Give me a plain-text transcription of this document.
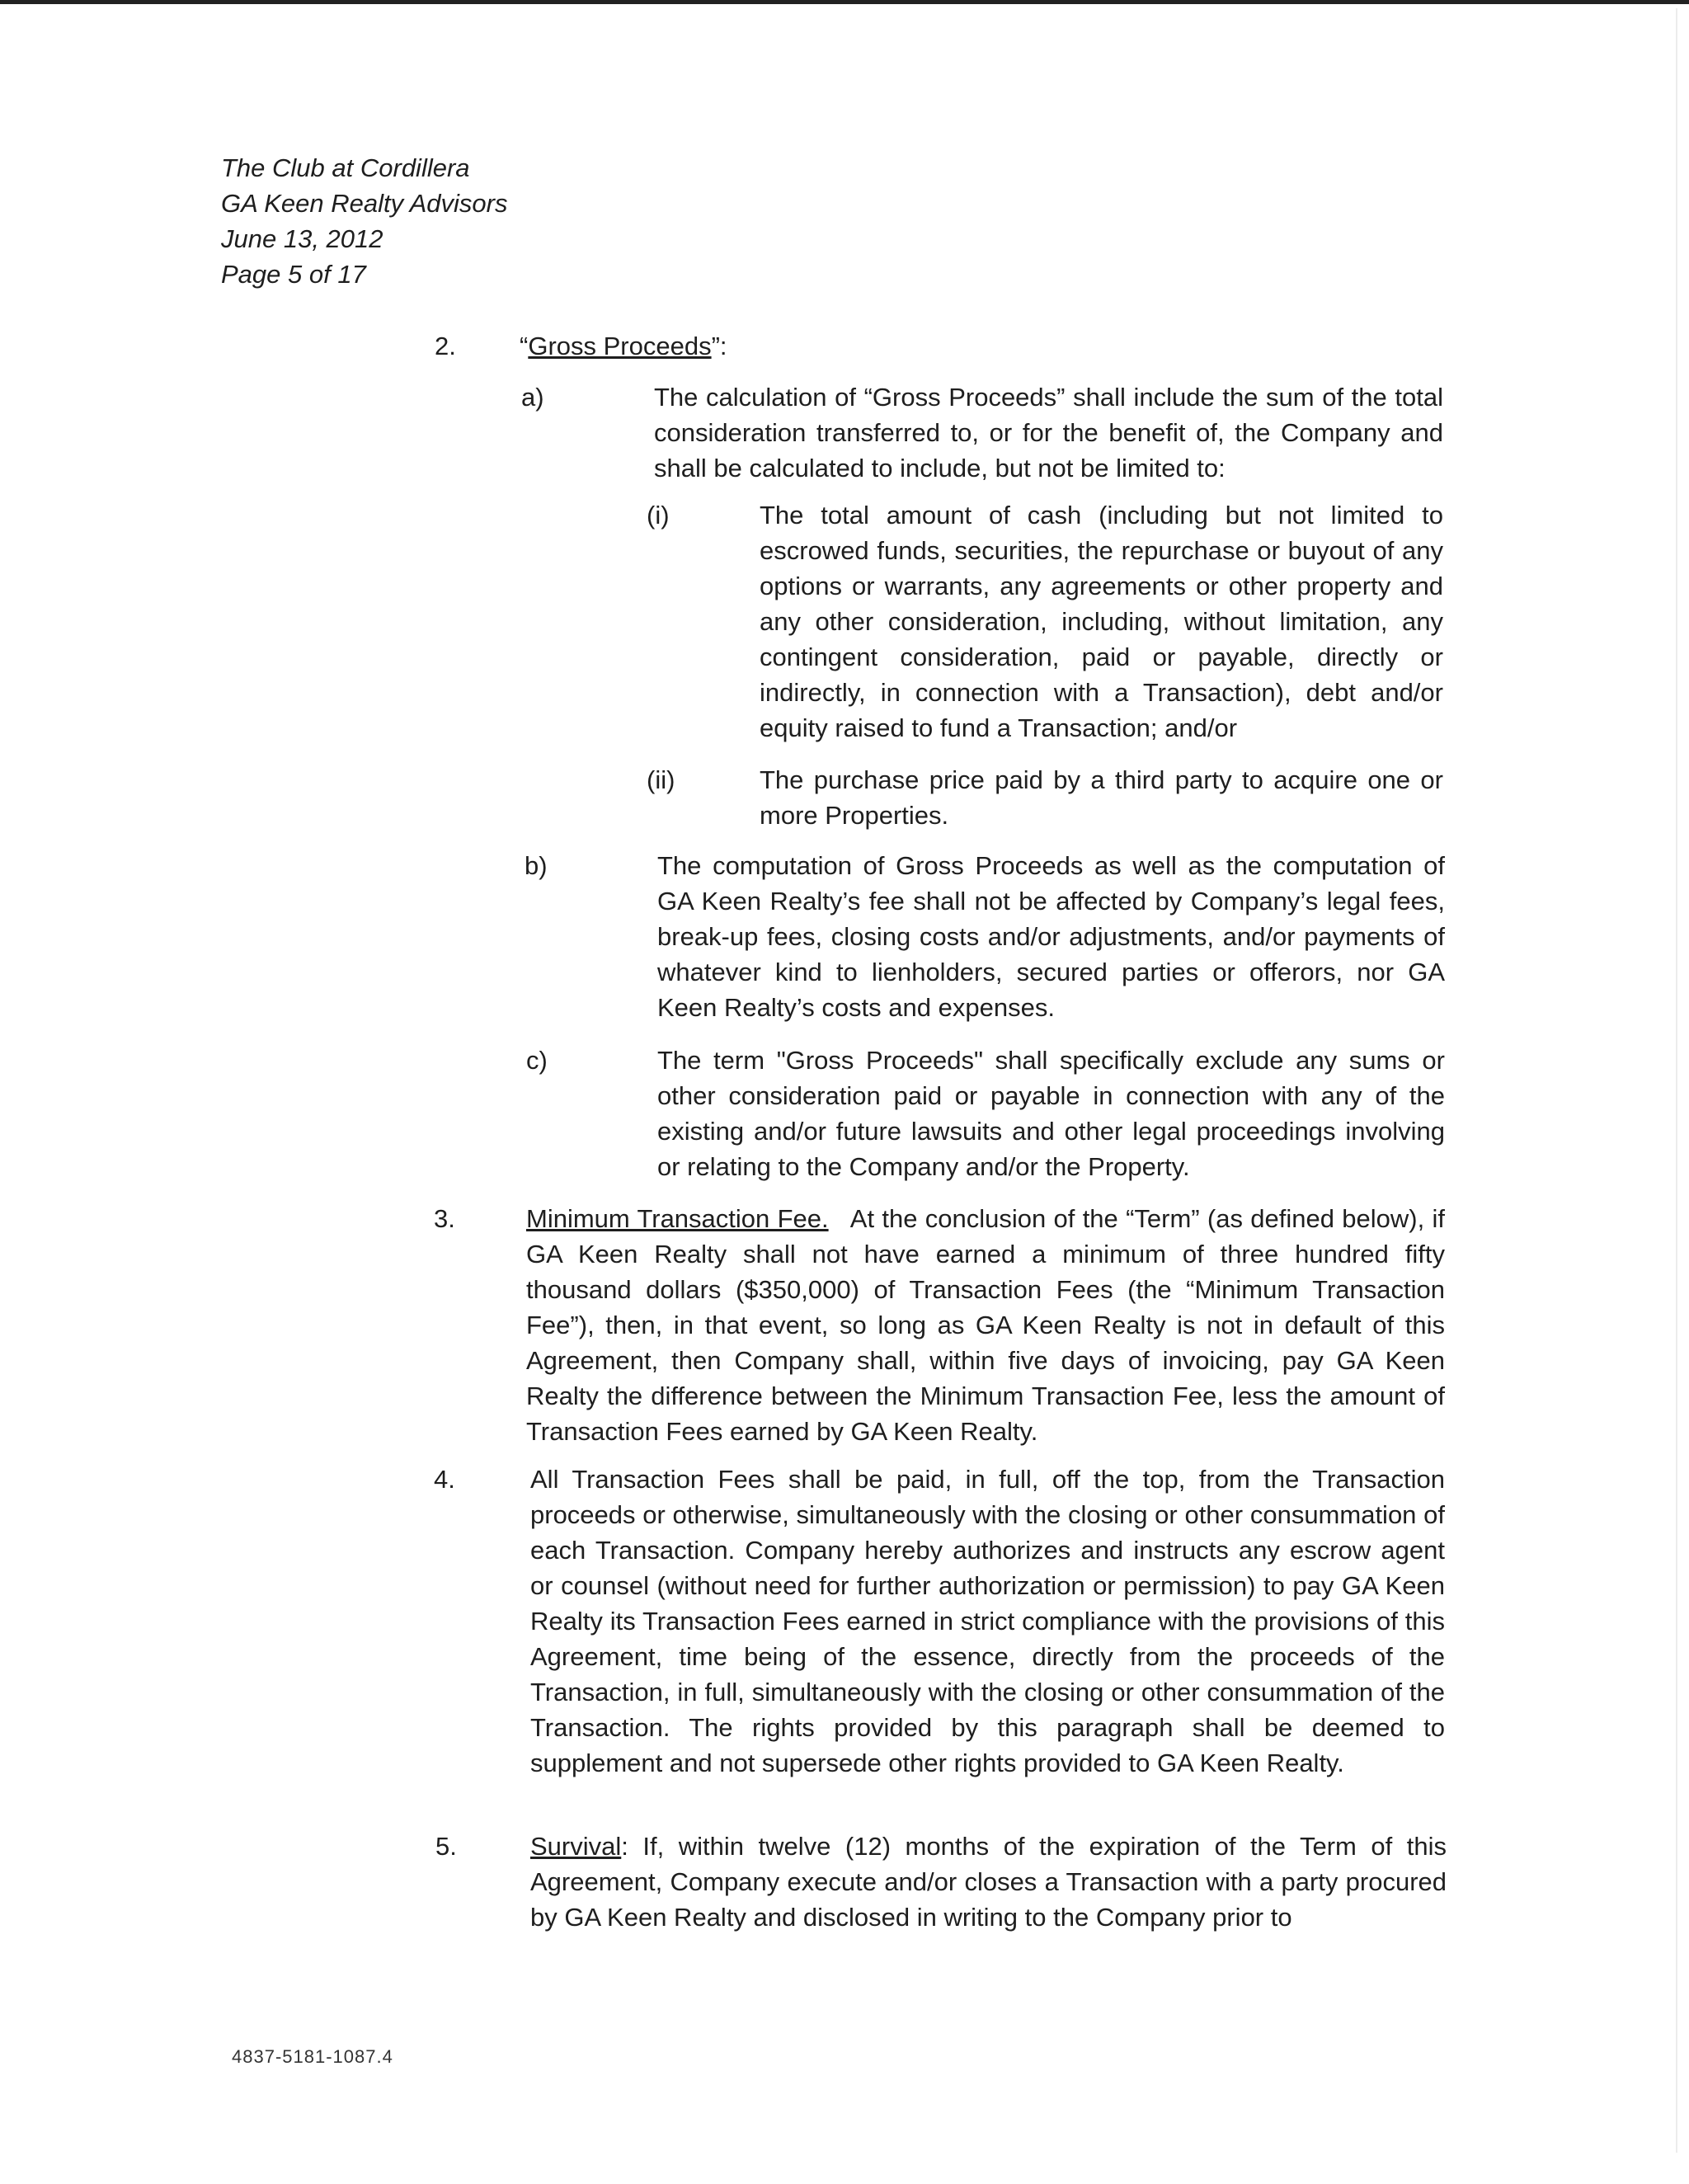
The Club at Cordillera
GA Keen Realty Advisors
June 13, 2012
Page 5 of 17
2. “Gross Proceeds”:
a)	The calculation of “Gross Proceeds” shall include the sum of the total consideration transferred to, or for the benefit of, the Company and shall be calculated to include, but not be limited to:
(i)	The total amount of cash (including but not limited to escrowed funds, securities, the repurchase or buyout of any options or warrants, any agreements or other property and any other consideration, including, without limitation, any contingent consideration, paid or payable, directly or indirectly, in connection with a Transaction), debt and/or equity raised to fund a Transaction; and/or
(ii)	The purchase price paid by a third party to acquire one or more Properties.
b)	The computation of Gross Proceeds as well as the computation of GA Keen Realty’s fee shall not be affected by Company’s legal fees, break-up fees, closing costs and/or adjustments, and/or payments of whatever kind to lienholders, secured parties or offerors, nor GA Keen Realty’s costs and expenses.
c)	The term "Gross Proceeds" shall specifically exclude any sums or other consideration paid or payable in connection with any of the existing and/or future lawsuits and other legal proceedings involving or relating to the Company and/or the Property.
3.	Minimum Transaction Fee. At the conclusion of the “Term” (as defined below), if GA Keen Realty shall not have earned a minimum of three hundred fifty thousand dollars ($350,000) of Transaction Fees (the “Minimum Transaction Fee”), then, in that event, so long as GA Keen Realty is not in default of this Agreement, then Company shall, within five days of invoicing, pay GA Keen Realty the difference between the Minimum Transaction Fee, less the amount of Transaction Fees earned by GA Keen Realty.
4.	All Transaction Fees shall be paid, in full, off the top, from the Transaction proceeds or otherwise, simultaneously with the closing or other consummation of each Transaction. Company hereby authorizes and instructs any escrow agent or counsel (without need for further authorization or permission) to pay GA Keen Realty its Transaction Fees earned in strict compliance with the provisions of this Agreement, time being of the essence, directly from the proceeds of the Transaction, in full, simultaneously with the closing or other consummation of the Transaction. The rights provided by this paragraph shall be deemed to supplement and not supersede other rights provided to GA Keen Realty.
5.	Survival: If, within twelve (12) months of the expiration of the Term of this Agreement, Company execute and/or closes a Transaction with a party procured by GA Keen Realty and disclosed in writing to the Company prior to
4837-5181-1087.4
